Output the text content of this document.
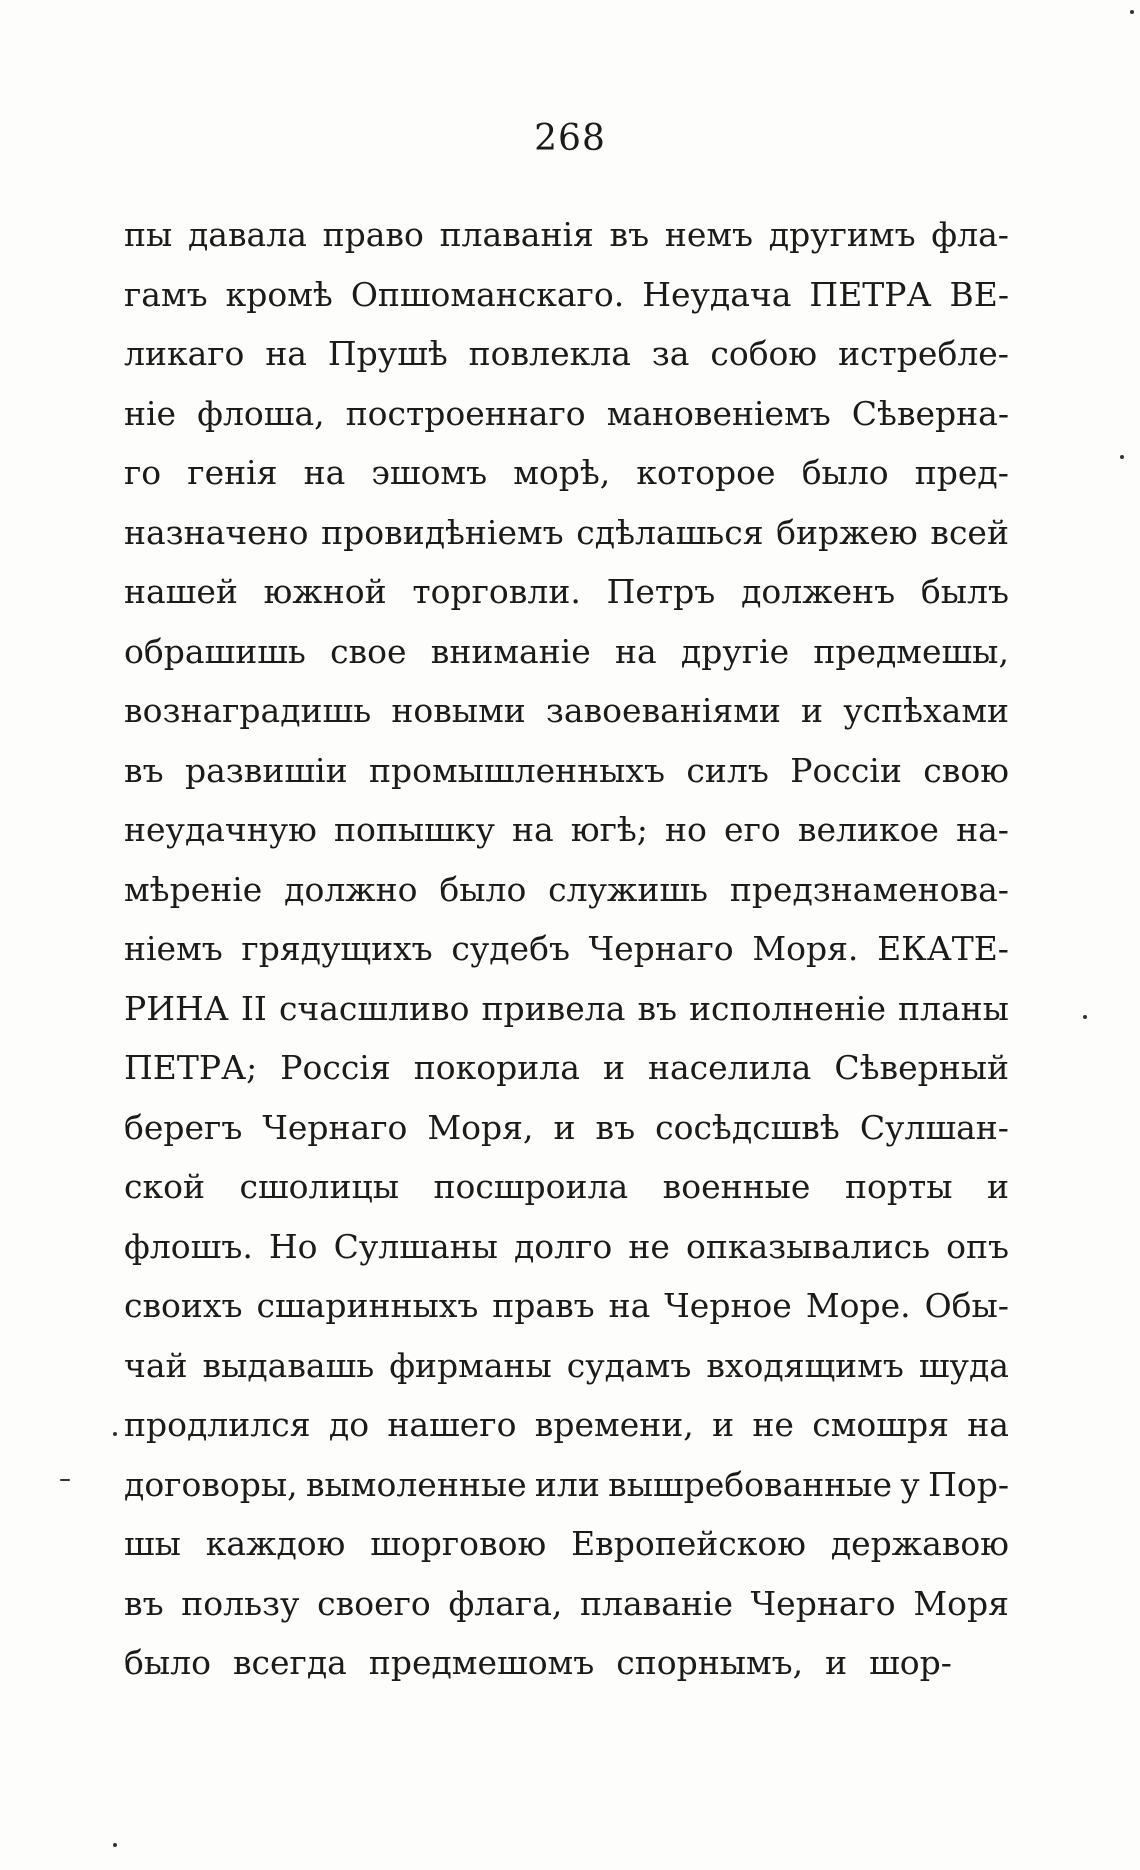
268
пы давала право плаванія въ немъ другимъ фла-
гамъ кромѣ Опшоманскаго. Неудача ПЕТРА ВЕ-
ликаго на Прушѣ повлекла за собою истребле-
ніе флоша, построеннаго мановеніемъ Сѣверна-
го генія на эшомъ морѣ, которое было пред-
назначено провидѣніемъ сдѣлашься биржею всей
нашей южной торговли. Петръ долженъ былъ
обрашишь свое вниманіе на другіе предмешы,
вознаградишь новыми завоеваніями и успѣхами
въ развишіи промышленныхъ силъ Россіи свою
неудачную попышку на югѣ; но его великое на-
мѣреніе должно было служишь предзнаменова-
ніемъ грядущихъ судебъ Чернаго Моря. ЕКАТЕ-
РИНА II счасшливо привела въ исполненіе планы
ПЕТРА; Россія покорила и населила Сѣверный
берегъ Чернаго Моря, и въ сосѣдсшвѣ Сулшан-
ской сшолицы посшроила военные порты и
флошъ. Но Сулшаны долго не опказывались опъ
своихъ сшаринныхъ правъ на Черное Море. Обы-
чай выдавашь фирманы судамъ входящимъ шуда
продлился до нашего времени, и не смошря на
договоры, вымоленные или вышребованные у Пор-
шы каждою шорговою Европейскою державою
въ пользу своего флага, плаваніе Чернаго Моря
было всегда предмешомъ спорнымъ, и шор-
